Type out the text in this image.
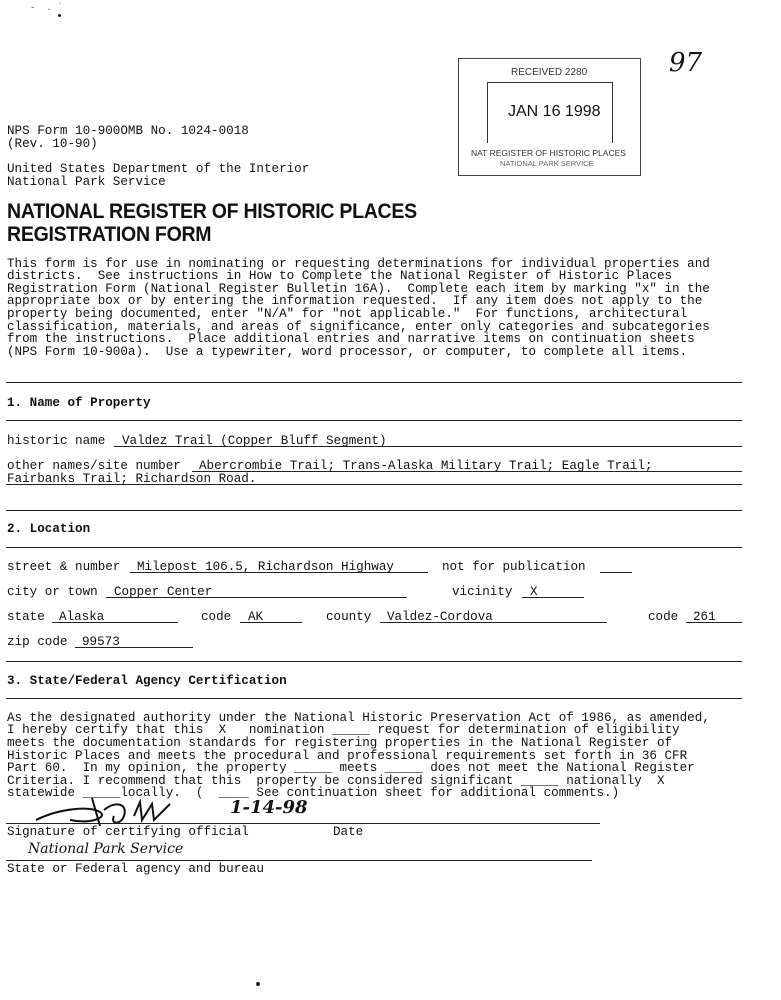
-  . ˙
NPS Form 10-900OMB No. 1024-0018
(Rev. 10-90)
United States Department of the Interior
National Park Service
RECEIVED 2280
JAN 16 1998
NAT REGISTER OF HISTORIC PLACES
NATIONAL PARK SERVICE
97
NATIONAL REGISTER OF HISTORIC PLACES
REGISTRATION FORM
This form is for use in nominating or requesting determinations for individual properties and
districts.  See instructions in How to Complete the National Register of Historic Places
Registration Form (National Register Bulletin 16A).  Complete each item by marking "x" in the
appropriate box or by entering the information requested.  If any item does not apply to the
property being documented, enter "N/A" for "not applicable."  For functions, architectural
classification, materials, and areas of significance, enter only categories and subcategories
from the instructions.  Place additional entries and narrative items on continuation sheets
(NPS Form 10-900a).  Use a typewriter, word processor, or computer, to complete all items.
1. Name of Property
historic name Valdez Trail (Copper Bluff Segment)
other names/site number Abercrombie Trail; Trans-Alaska Military Trail; Eagle Trail;
Fairbanks Trail; Richardson Road.
2. Location
street & number Milepost 106.5, Richardson Highway	not for publication
city or town Copper Center	vicinity X
state Alaska	code AK	county Valdez-Cordova	code 261
zip code 99573
3. State/Federal Agency Certification
As the designated authority under the National Historic Preservation Act of 1986, as amended,
I hereby certify that this  X   nomination _____ request for determination of eligibility
meets the documentation standards for registering properties in the National Register of
Historic Places and meets the procedural and professional requirements set forth in 36 CFR
Part 60.  In my opinion, the property _____ meets _____ does not meet the National Register
Criteria. I recommend that this  property be considered significant _____ nationally  X
statewide _____locally.  (  ____ See continuation sheet for additional comments.)
1-14-98
Signature of certifying official	Date
National Park Service
State or Federal agency and bureau
